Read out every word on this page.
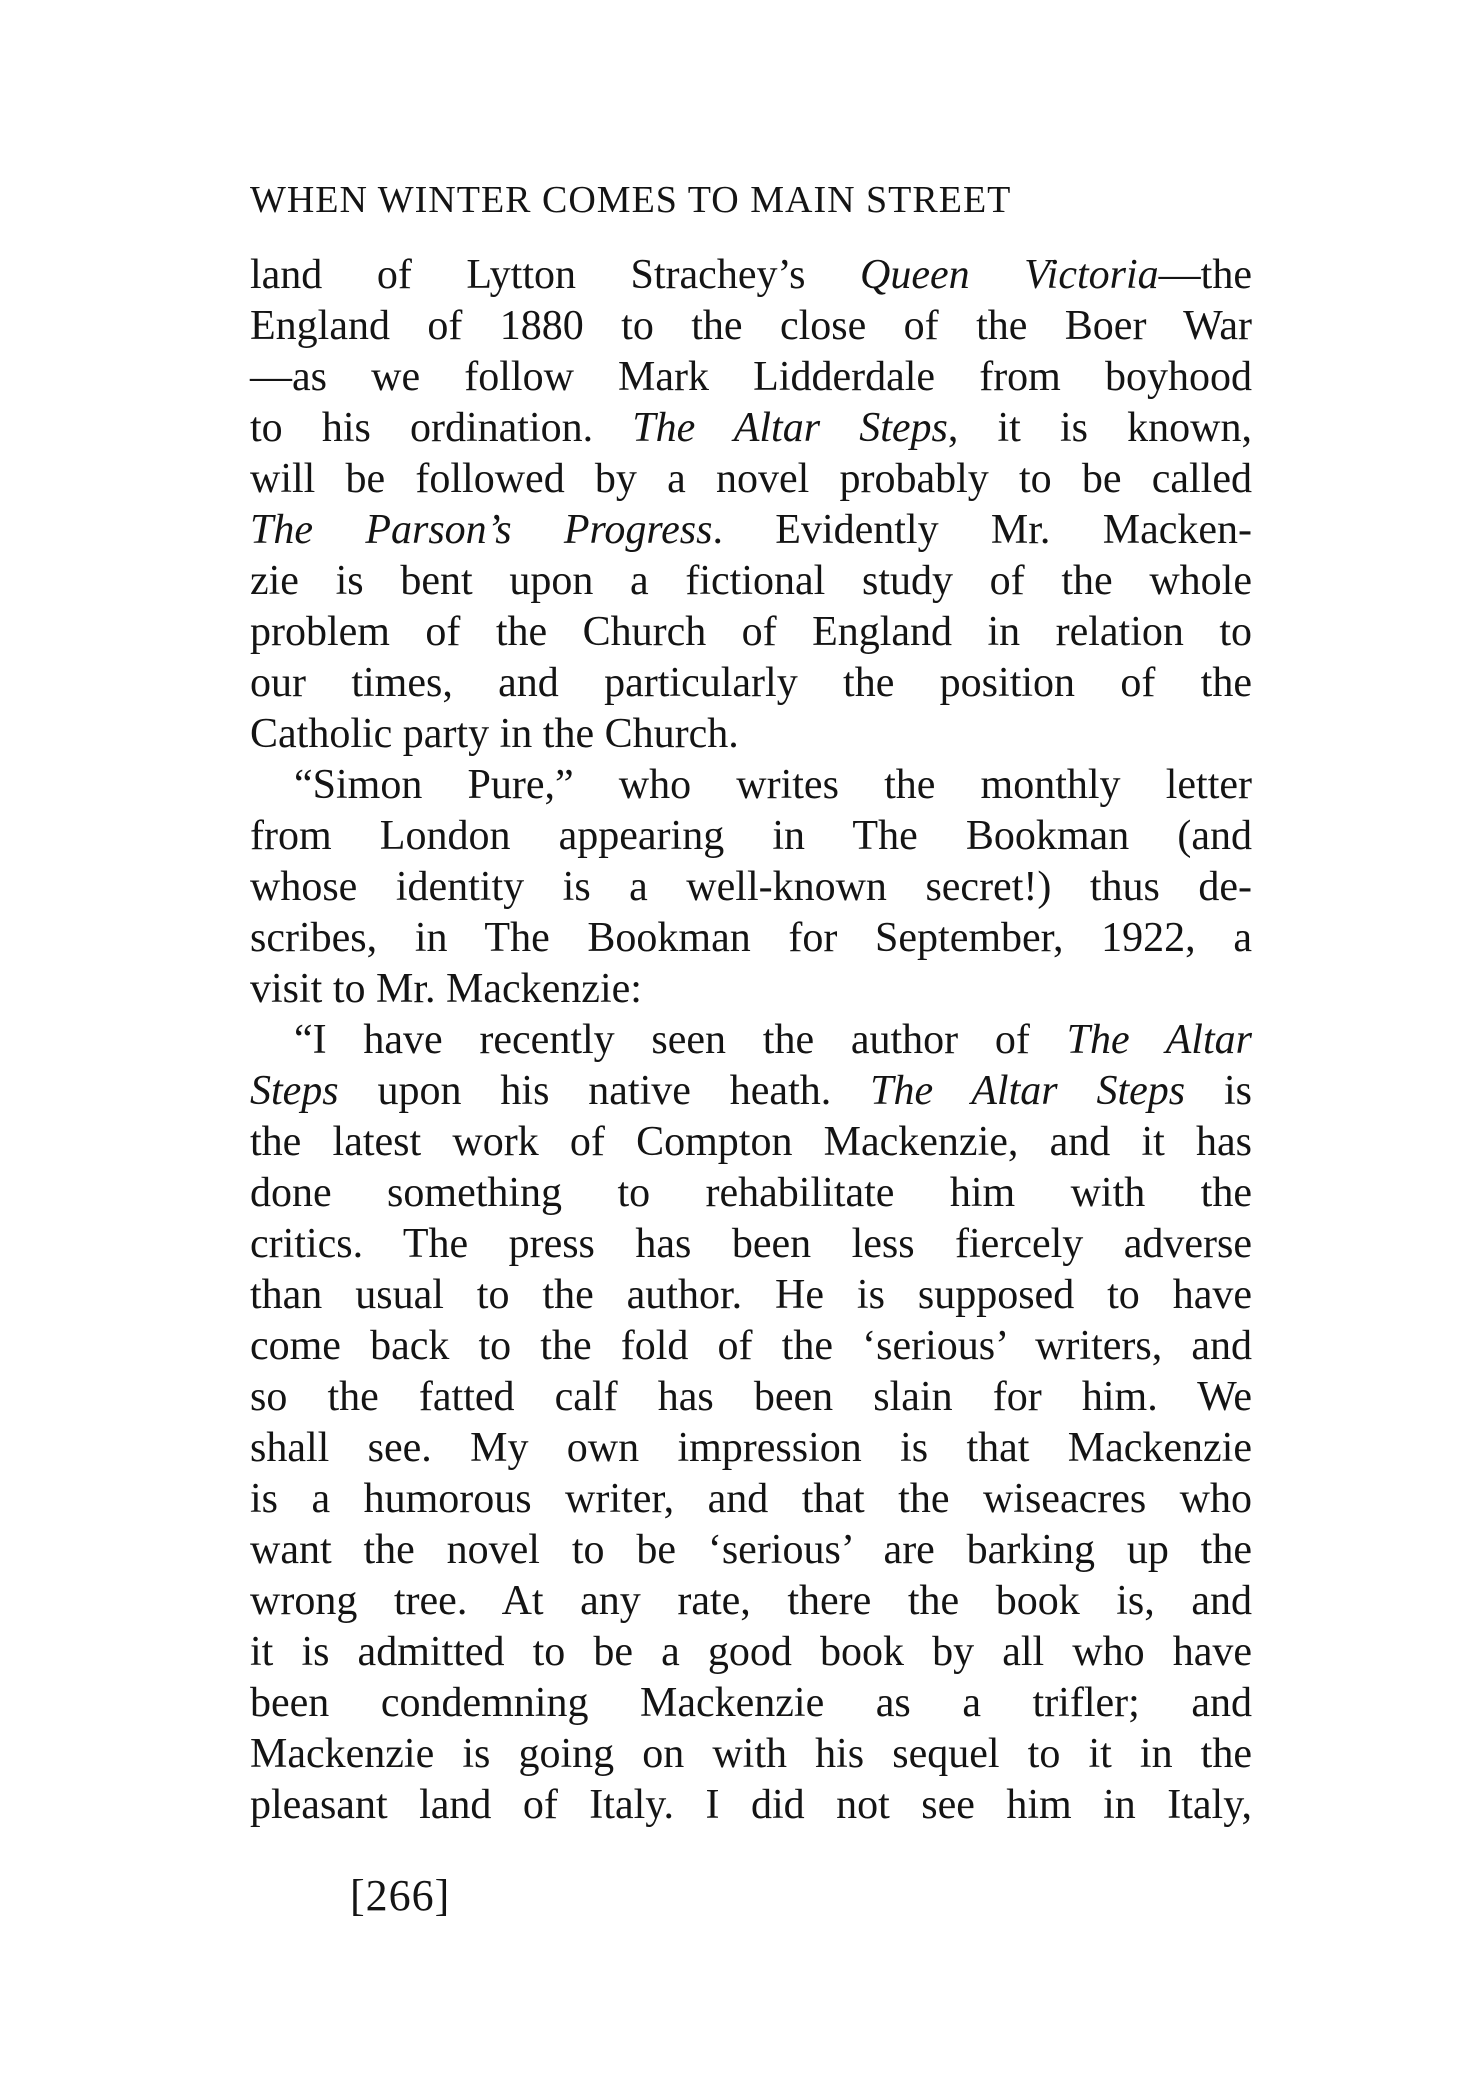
WHEN WINTER COMES TO MAIN STREET
land of Lytton Strachey’s Queen Victoria—the
England of 1880 to the close of the Boer War
—as we follow Mark Lidderdale from boyhood
to his ordination. The Altar Steps, it is known,
will be followed by a novel probably to be called
The Parson’s Progress. Evidently Mr. Macken-
zie is bent upon a fictional study of the whole
problem of the Church of England in relation to
our times, and particularly the position of the
Catholic party in the Church.
“Simon Pure,” who writes the monthly letter
from London appearing in The Bookman (and
whose identity is a well-known secret!) thus de-
scribes, in The Bookman for September, 1922, a
visit to Mr. Mackenzie:
“I have recently seen the author of The Altar
Steps upon his native heath. The Altar Steps is
the latest work of Compton Mackenzie, and it has
done something to rehabilitate him with the
critics. The press has been less fiercely adverse
than usual to the author. He is supposed to have
come back to the fold of the ‘serious’ writers, and
so the fatted calf has been slain for him. We
shall see. My own impression is that Mackenzie
is a humorous writer, and that the wiseacres who
want the novel to be ‘serious’ are barking up the
wrong tree. At any rate, there the book is, and
it is admitted to be a good book by all who have
been condemning Mackenzie as a trifler; and
Mackenzie is going on with his sequel to it in the
pleasant land of Italy. I did not see him in Italy,
[266]
